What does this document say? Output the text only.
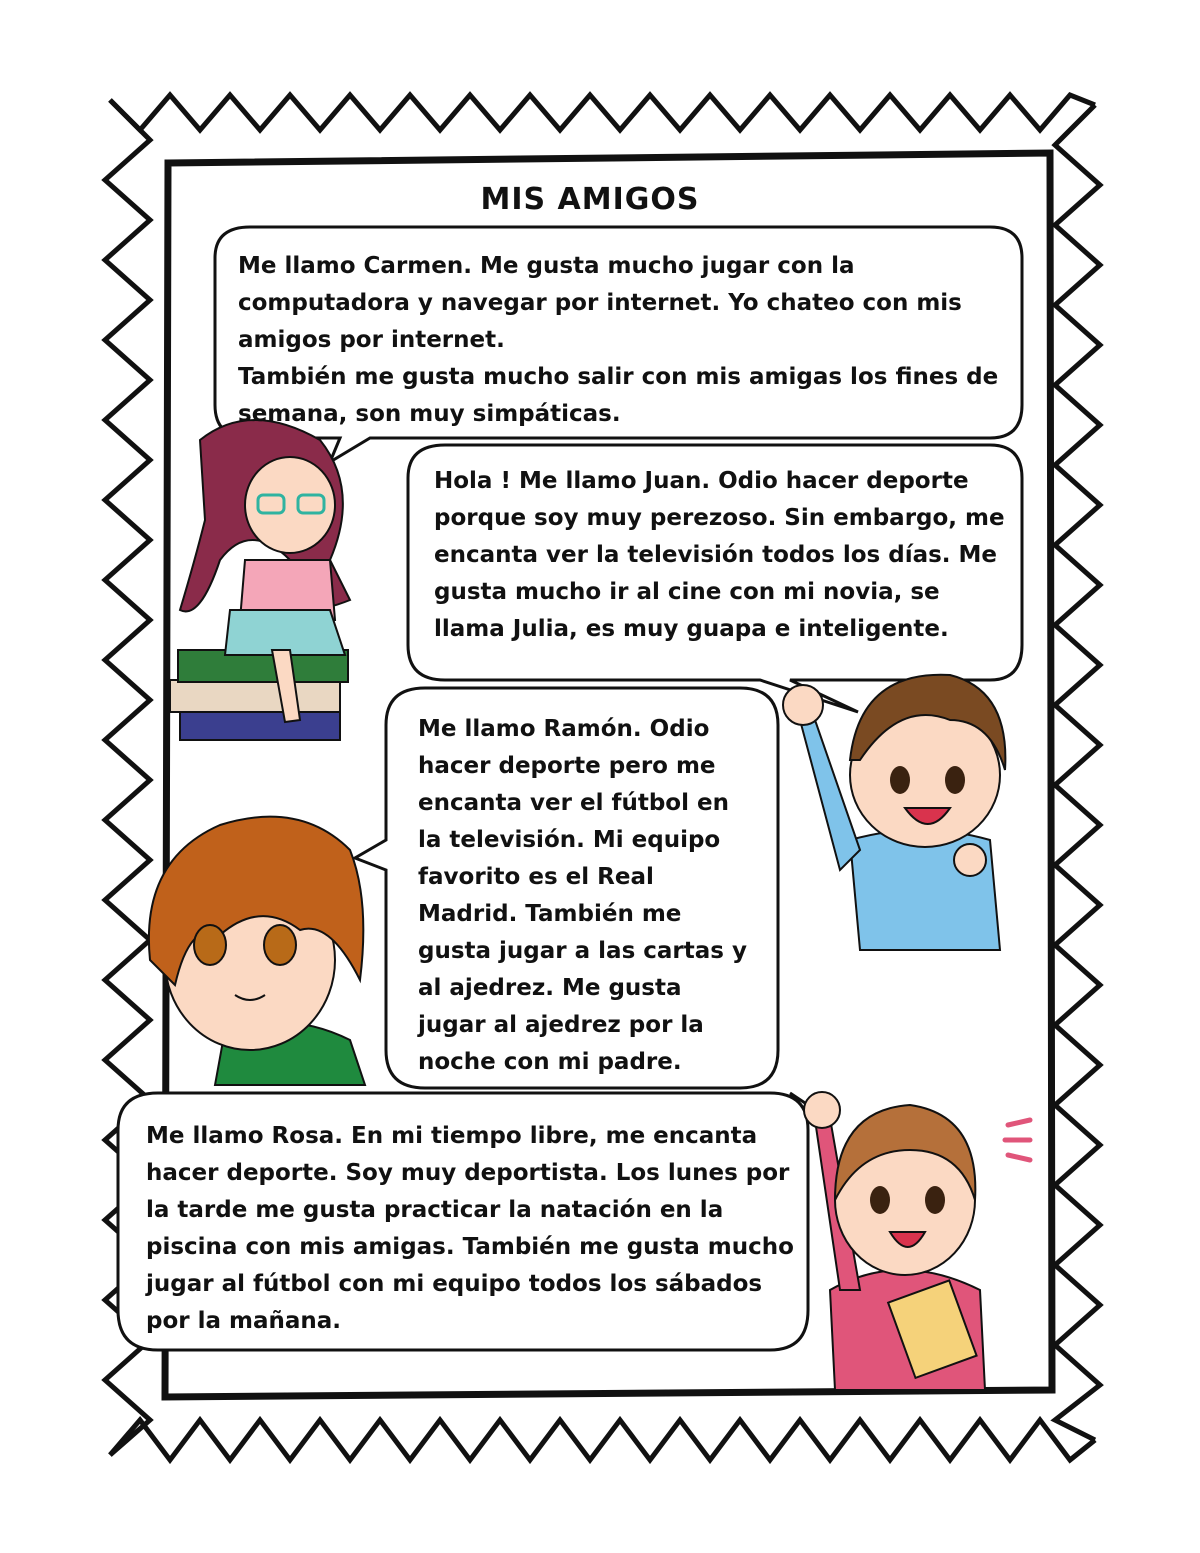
MIS AMIGOS
Me llamo Carmen. Me gusta mucho jugar con la
computadora y navegar por internet. Yo chateo con mis
amigos por internet.
También me gusta mucho salir con mis amigas los fines de
semana, son muy simpáticas.
Hola ! Me llamo Juan. Odio hacer deporte
porque soy muy perezoso. Sin embargo, me
encanta ver la televisión todos los días. Me
gusta mucho ir al cine con mi novia, se
llama Julia, es muy guapa e inteligente.
Me llamo Ramón. Odio
hacer deporte pero me
encanta ver el fútbol en
la televisión. Mi equipo
favorito es el Real
Madrid. También me
gusta jugar a las cartas y
al ajedrez. Me gusta
jugar al ajedrez por la
noche con mi padre.
Me llamo Rosa. En mi tiempo libre, me encanta
hacer deporte. Soy muy deportista. Los lunes por
la tarde me gusta practicar la natación en la
piscina con mis amigas. También me gusta mucho
jugar al fútbol con mi equipo todos los sábados
por la mañana.
